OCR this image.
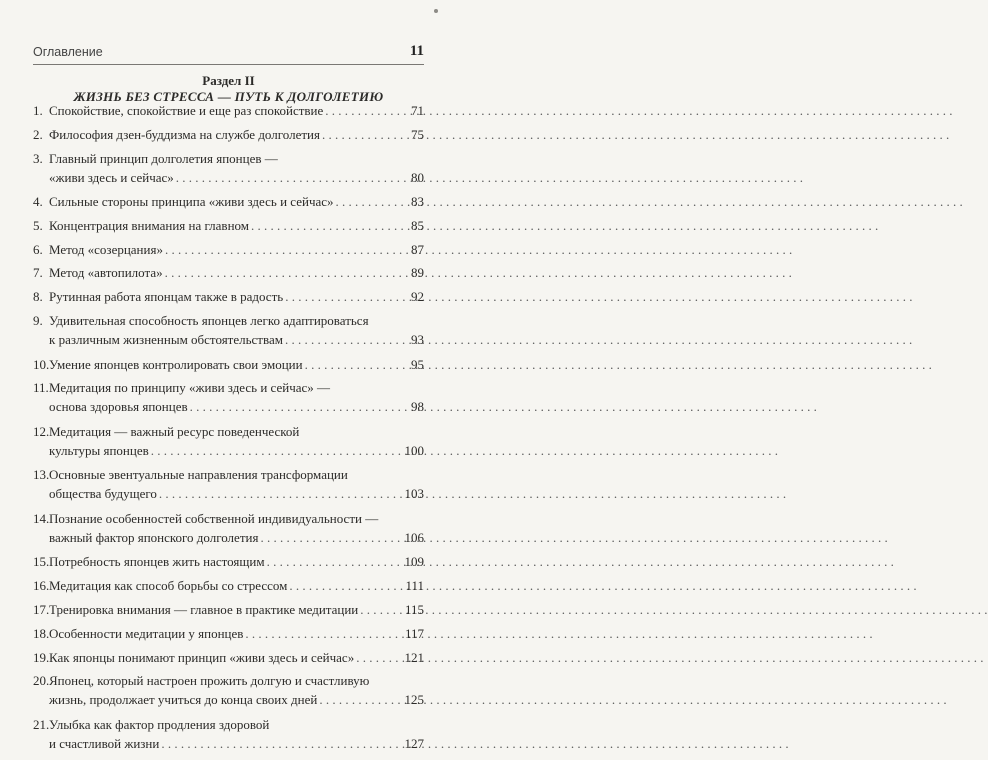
Оглавление	11
Раздел II
ЖИЗНЬ БЕЗ СТРЕССА — ПУТЬ К ДОЛГОЛЕТИЮ
1. Спокойствие, спокойствие и еще раз спокойствие . . .	71
2. Философия дзен-буддизма на службе долголетия . . .	75
3. Главный принцип долголетия японцев —
«живи здесь и сейчас» . . .	80
4. Сильные стороны принципа «живи здесь и сейчас» . . .	83
5. Концентрация внимания на главном . . .	85
6. Метод «созерцания» . . .	87
7. Метод «автопилота» . . .	89
8. Рутинная работа японцам также в радость . . .	92
9. Удивительная способность японцев легко адаптироваться
к различным жизненным обстоятельствам . . .	93
10. Умение японцев контролировать свои эмоции . . .	95
11. Медитация по принципу «живи здесь и сейчас» —
основа здоровья японцев . . .	98
12. Медитация — важный ресурс поведенческой
культуры японцев . . .	100
13. Основные эвентуальные направления трансформации
общества будущего . . .	103
14. Познание особенностей собственной индивидуальности —
важный фактор японского долголетия . . .	106
15. Потребность японцев жить настоящим . . .	109
16. Медитация как способ борьбы со стрессом . . .	111
17. Тренировка внимания — главное в практике медитации . . .	115
18. Особенности медитации у японцев . . .	117
19. Как японцы понимают принцип «живи здесь и сейчас» . . .	121
20. Японец, который настроен прожить долгую и счастливую
жизнь, продолжает учиться до конца своих дней . . .	125
21. Улыбка как фактор продления здоровой
и счастливой жизни . . .	127
